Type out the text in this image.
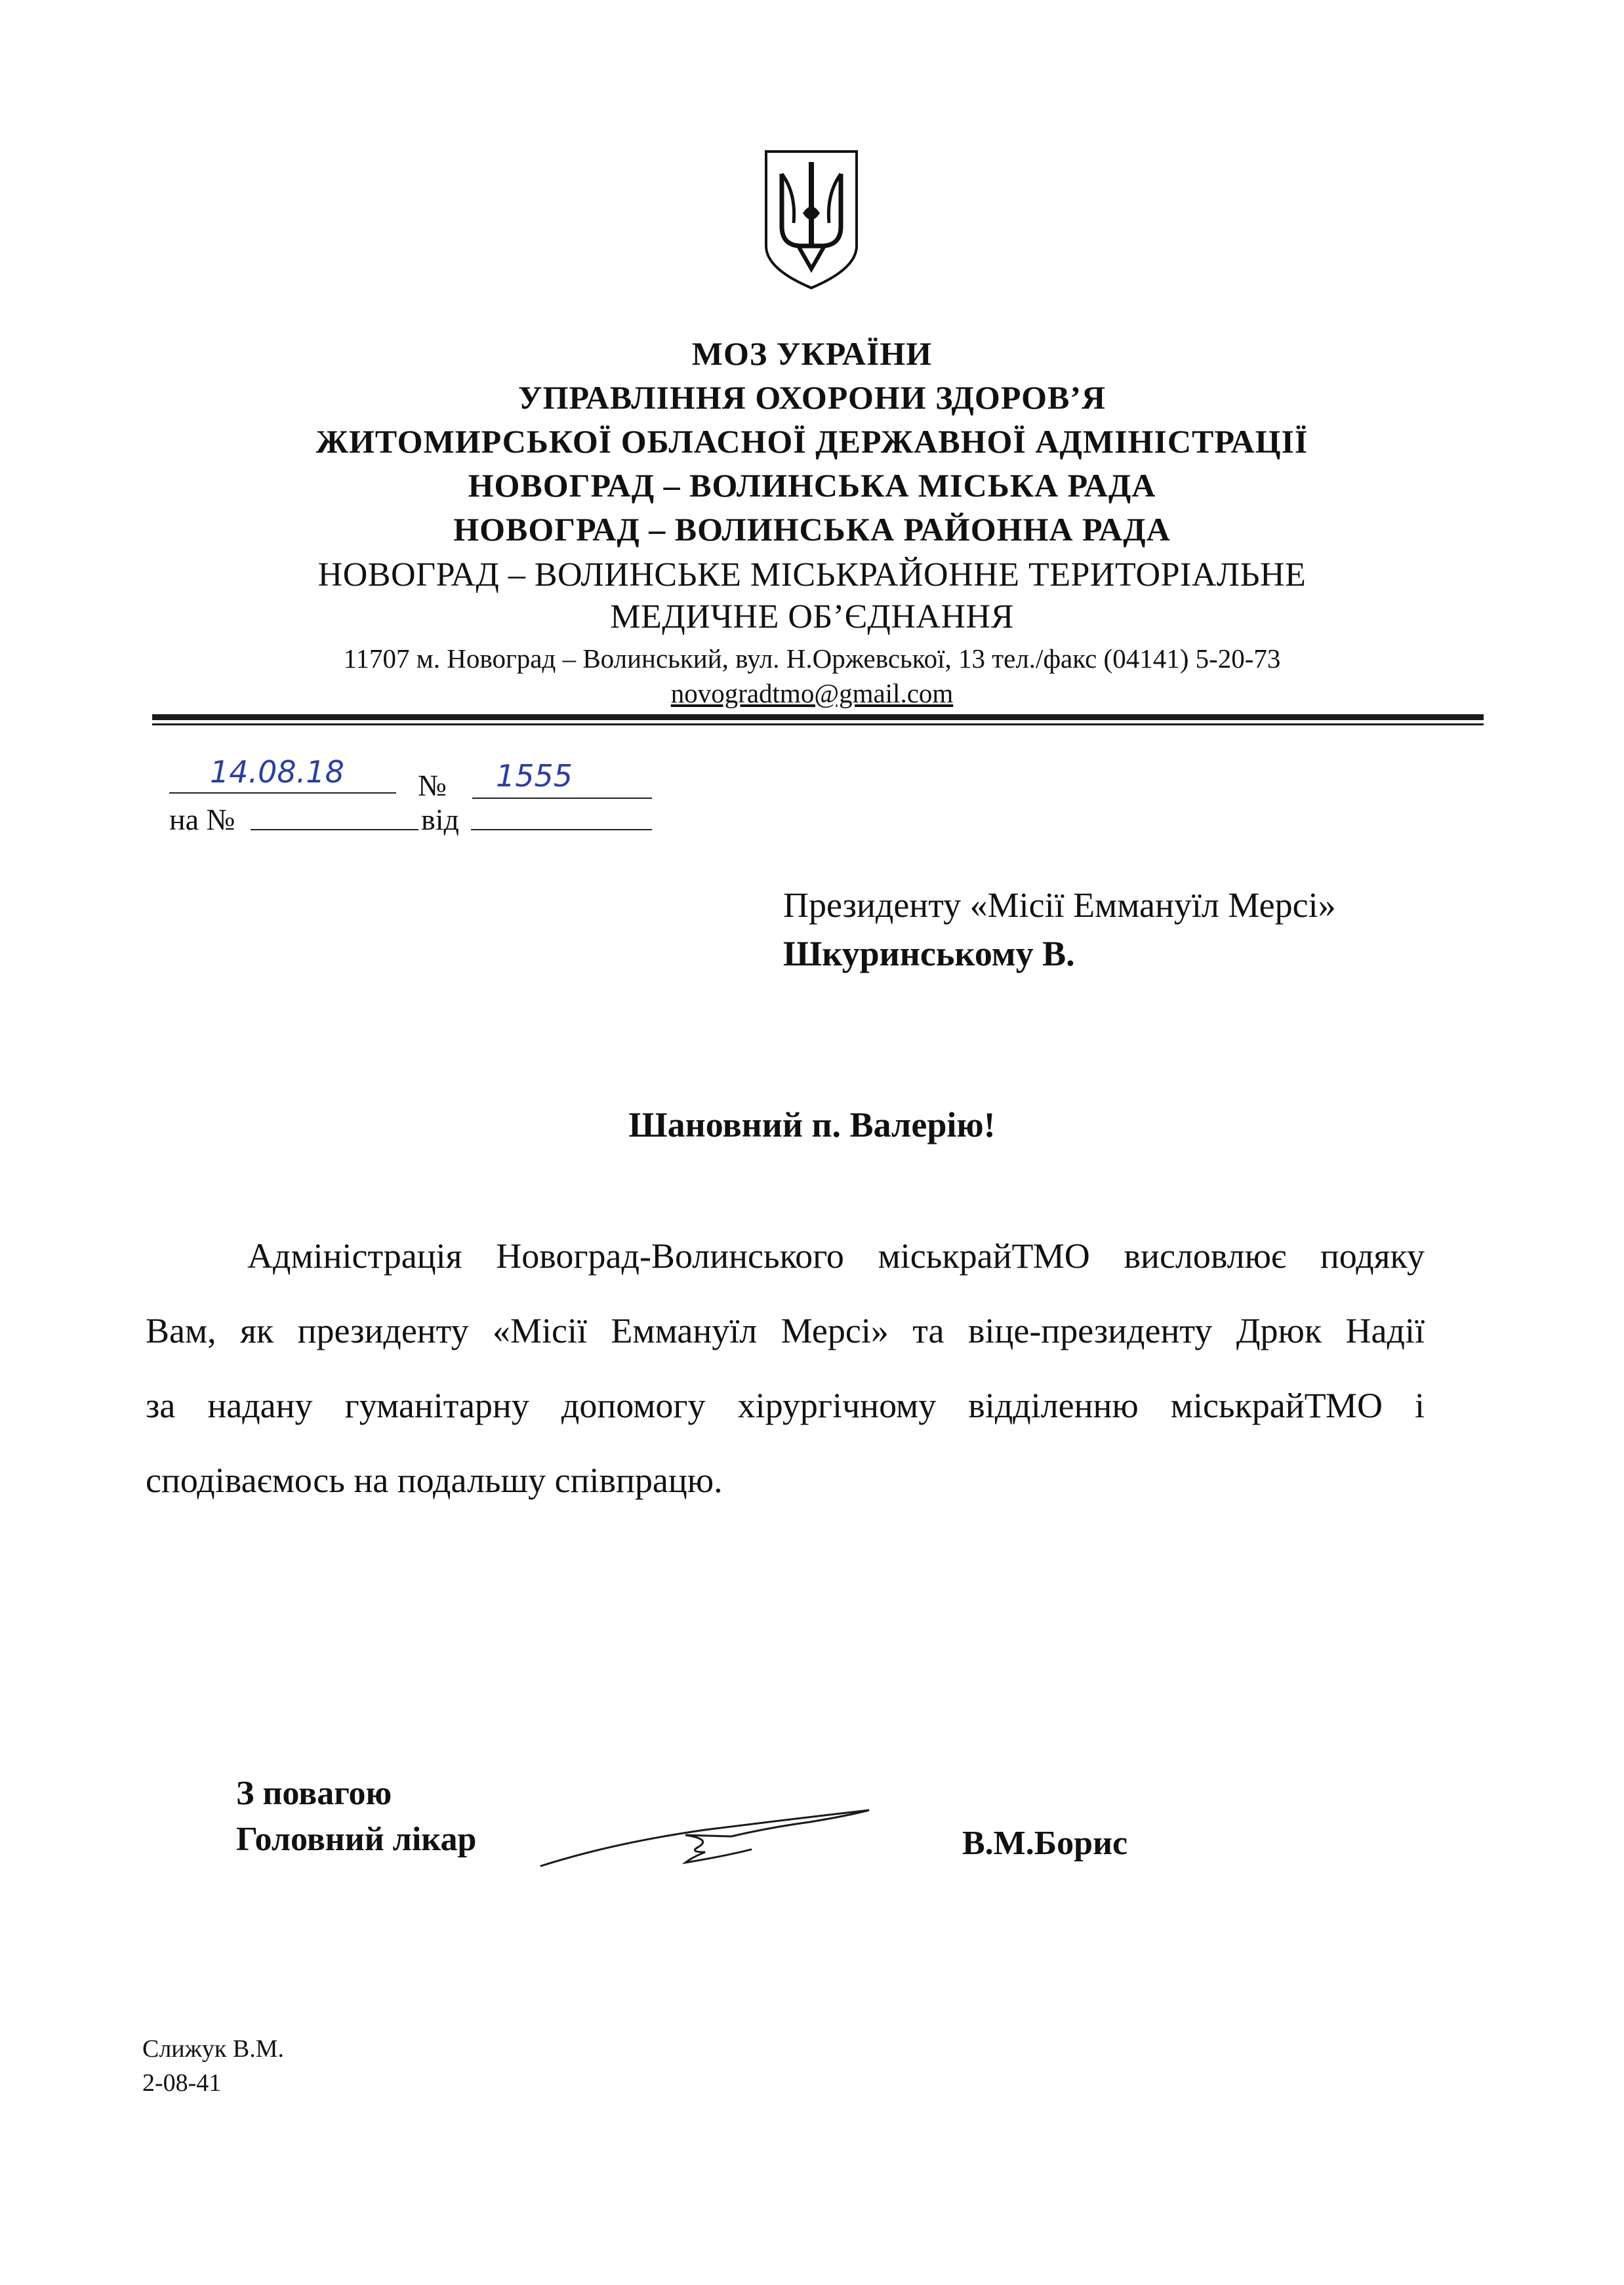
МОЗ УКРАЇНИ
УПРАВЛІННЯ ОХОРОНИ ЗДОРОВ’Я
ЖИТОМИРСЬКОЇ ОБЛАСНОЇ ДЕРЖАВНОЇ АДМІНІСТРАЦІЇ
НОВОГРАД – ВОЛИНСЬКА МІСЬКА РАДА
НОВОГРАД – ВОЛИНСЬКА РАЙОННА РАДА
НОВОГРАД – ВОЛИНСЬКЕ МІСЬКРАЙОННЕ ТЕРИТОРІАЛЬНЕ
МЕДИЧНЕ ОБ’ЄДНАННЯ
11707 м. Новоград – Волинський, вул. Н.Оржевської, 13 тел./факс (04141) 5-20-73
novogradtmo@gmail.com
14.08.18 № 1555
на №	від
Президенту «Місії Еммануїл Мерсі»
Шкуринському В.
Шановний п. Валерію!
Адміністрація Новоград-Волинського міськрайТМО висловлює подяку
Вам, як президенту «Місії Еммануїл Мерсі» та віце-президенту Дрюк Надії
за надану гуманітарну допомогу хірургічному відділенню міськрайТМО і
сподіваємось на подальшу співпрацю.
З повагою
Головний лікар	В.М.Борис
Слижук В.М.
2-08-41
